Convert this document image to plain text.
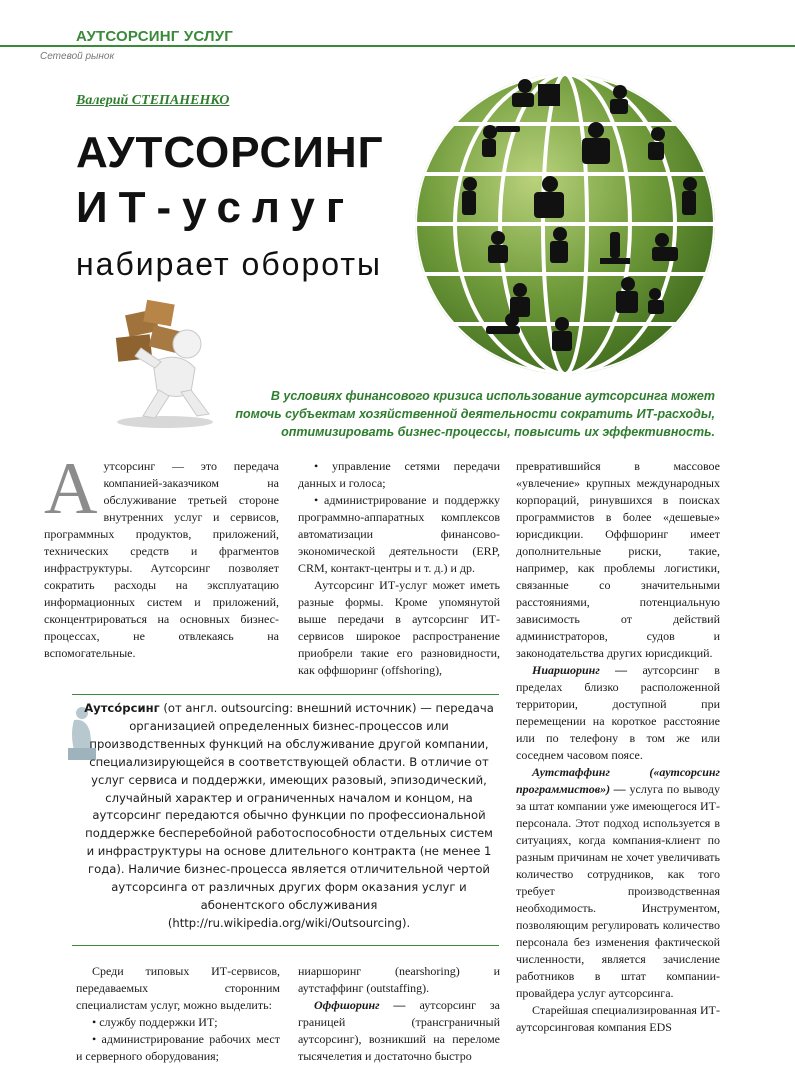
АУТСОРСИНГ УСЛУГ
Сетевой рынок
Валерий СТЕПАНЕНКО
АУТСОРСИНГ
ИТ-услуг
набирает обороты
В условиях финансового кризиса использование аутсорсинга может помочь субъектам хозяйственной деятельности сократить ИТ-расходы, оптимизировать бизнес-процессы, повысить их эффективность.
А утсорсинг — это передача компанией-заказчиком на обслуживание третьей стороне внутренних услуг и сервисов, программных продуктов, приложений, технических средств и фрагментов инфраструктуры. Аутсорсинг позволяет сократить расходы на эксплуатацию информационных систем и приложений, сконцентрироваться на основных бизнес-процессах, не отвлекаясь на вспомогательные.

• управление сетями передачи данных и голоса;

• администрирование и поддержку программно-аппаратных комплексов автоматизации финансово-экономической деятельности (ERP, CRM, контакт-центры и т. д.) и др.

Аутсорсинг ИТ-услуг может иметь разные формы. Кроме упомянутой выше передачи в аутсорсинг ИТ-сервисов широкое распространение приобрели такие его разновидности, как оффшоринг (offshoring),

превратившийся в массовое «увлечение» крупных международных корпораций, ринувшихся в поисках программистов в более «дешевые» юрисдикции. Оффшоринг имеет дополнительные риски, такие, например, как проблемы логистики, связанные со значительными расстояниями, потенциальную зависимость от действий администраторов, судов и законодательства других юрисдикций.

Ниаршоринг — аутсорсинг в пределах близко расположенной территории, доступной при перемещении на короткое расстояние или по телефону в том же или соседнем часовом поясе.

Аутстаффинг («аутсорсинг программистов») — услуга по выводу за штат компании уже имеющегося ИТ-персонала. Этот подход используется в ситуациях, когда компания-клиент по разным причинам не хочет увеличивать количество сотрудников, как того требует производственная необходимость. Инструментом, позволяющим регулировать количество персонала без изменения фактической численности, является зачисление работников в штат компании-провайдера услуг аутсорсинга.

Старейшая специализированная ИТ-аутсорсинговая компания EDS

Аутсо́рсинг (от англ. outsourcing: внешний источник) — передача организацией определенных бизнес-процессов или производственных функций на обслуживание другой компании, специализирующейся в соответствующей области. В отличие от услуг сервиса и поддержки, имеющих разовый, эпизодический, случайный характер и ограниченных началом и концом, на аутсорсинг передаются обычно функции по профессиональной поддержке бесперебойной работоспособности отдельных систем и инфраструктуры на основе длительного контракта (не менее 1 года). Наличие бизнес-процесса является отличительной чертой аутсорсинга от различных других форм оказания услуг и абонентского обслуживания (http://ru.wikipedia.org/wiki/Outsourcing).

Среди типовых ИТ-сервисов, передаваемых сторонним специалистам услуг, можно выделить:

• службу поддержки ИТ;

• администрирование рабочих мест и серверного оборудования;

ниаршоринг (nearshoring) и аутстаффинг (outstaffing).

Оффшоринг — аутсорсинг за границей (трансграничный аутсорсинг), возникший на переломе тысячелетия и достаточно быстро
